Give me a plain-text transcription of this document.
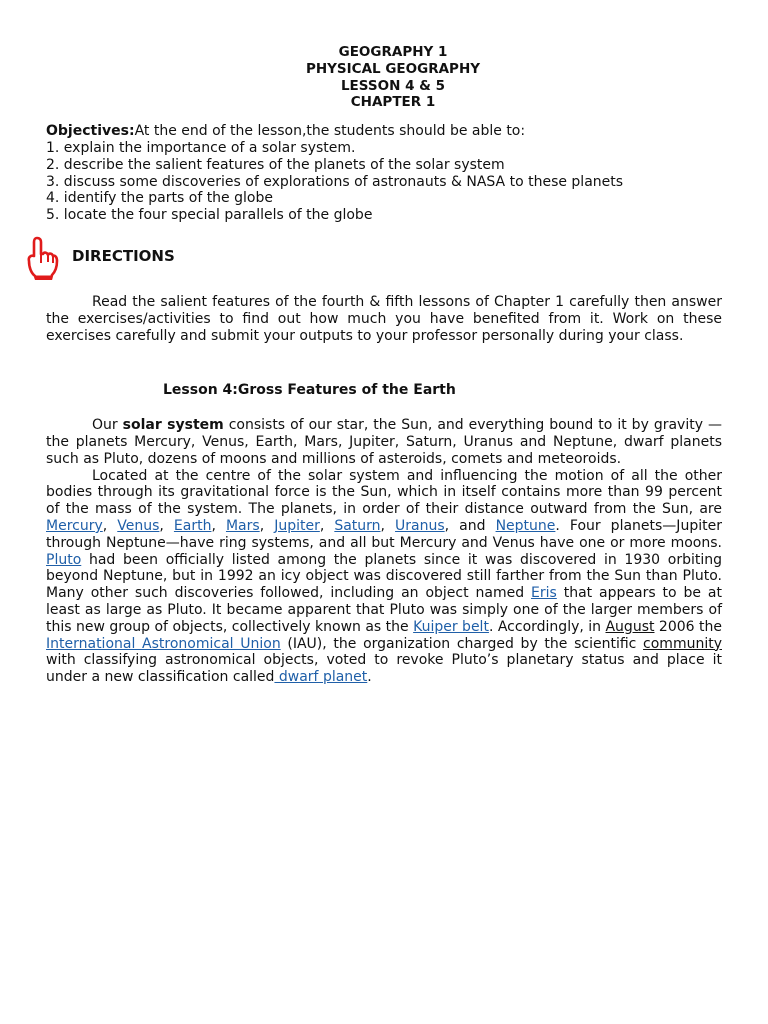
GEOGRAPHY 1
PHYSICAL GEOGRAPHY
LESSON 4 & 5
CHAPTER 1
Objectives:At the end of the lesson,the students should be able to:
1. explain the importance of a solar system.
2. describe the salient features of the planets of the solar system
3. discuss some discoveries of explorations of astronauts & NASA to these planets
4. identify the parts of the globe
5. locate the four special parallels of the globe
DIRECTIONS

Read the salient features of the fourth & fifth lessons of Chapter 1 carefully then answer the exercises/activities to find out how much you have benefited from it. Work on these exercises carefully and submit your outputs to your professor personally during your class.

Lesson 4:Gross Features of the Earth

Our solar system consists of our star, the Sun, and everything bound to it by gravity — the planets Mercury, Venus, Earth, Mars, Jupiter, Saturn, Uranus and Neptune, dwarf planets such as Pluto, dozens of moons and millions of asteroids, comets and meteoroids.

Located at the centre of the solar system and influencing the motion of all the other bodies through its gravitational force is the Sun, which in itself contains more than 99 percent of the mass of the system. The planets, in order of their distance outward from the Sun, are Mercury, Venus, Earth, Mars, Jupiter, Saturn, Uranus, and Neptune. Four planets—Jupiter through Neptune—have ring systems, and all but Mercury and Venus have one or more moons. Pluto had been officially listed among the planets since it was discovered in 1930 orbiting beyond Neptune, but in 1992 an icy object was discovered still farther from the Sun than Pluto. Many other such discoveries followed, including an object named Eris that appears to be at least as large as Pluto. It became apparent that Pluto was simply one of the larger members of this new group of objects, collectively known as the Kuiper belt. Accordingly, in August 2006 the International Astronomical Union (IAU), the organization charged by the scientific community with classifying astronomical objects, voted to revoke Pluto’s planetary status and place it under a new classification called dwarf planet.
